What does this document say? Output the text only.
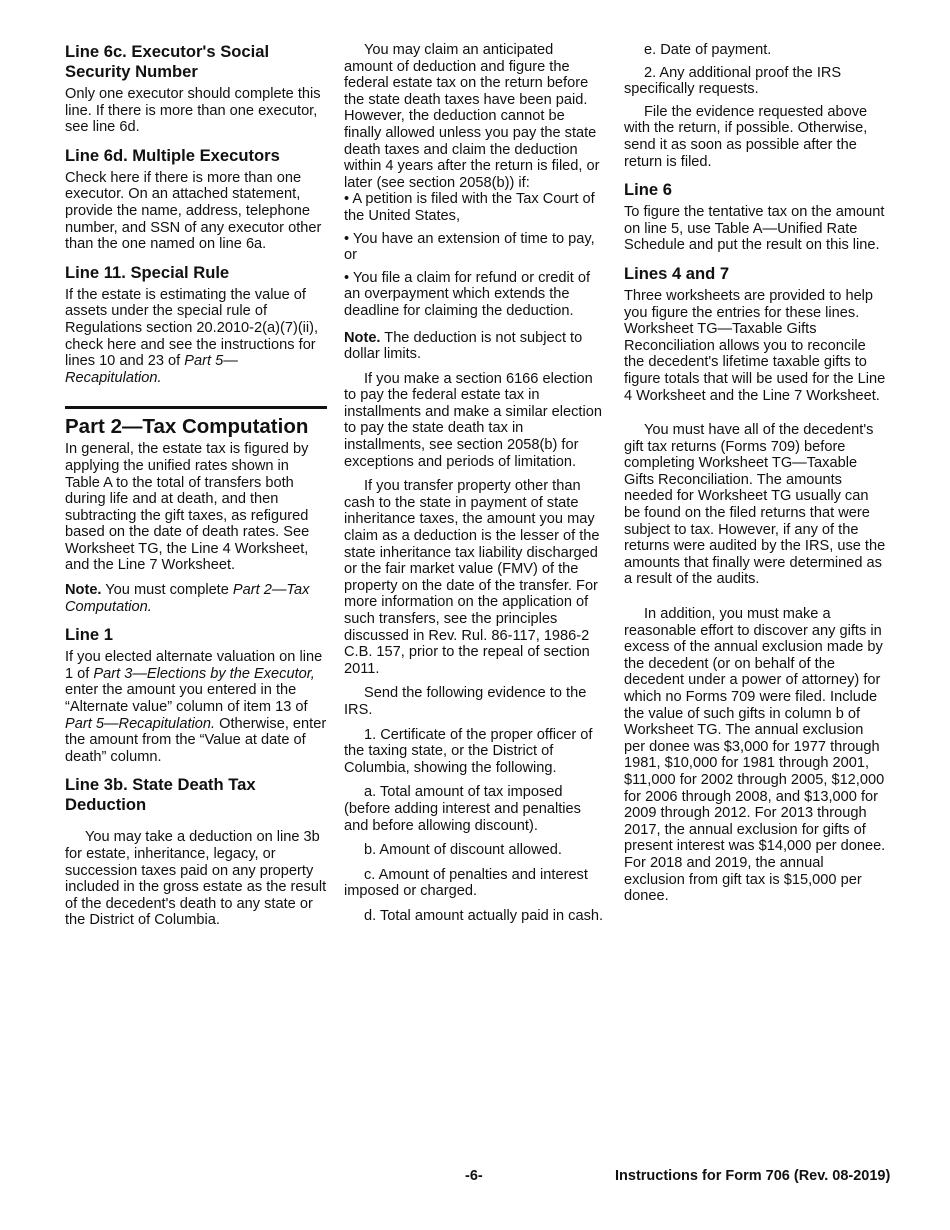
Line 6c. Executor's Social Security Number

Only one executor should complete this line. If there is more than one executor, see line 6d.

Line 6d. Multiple Executors

Check here if there is more than one executor. On an attached statement, provide the name, address, telephone number, and SSN of any executor other than the one named on line 6a.

Line 11. Special Rule

If the estate is estimating the value of assets under the special rule of Regulations section 20.2010-2(a)(7)(ii), check here and see the instructions for lines 10 and 23 of Part 5—Recapitulation.

Part 2—Tax Computation

In general, the estate tax is figured by applying the unified rates shown in Table A to the total of transfers both during life and at death, and then subtracting the gift taxes, as refigured based on the date of death rates. See Worksheet TG, the Line 4 Worksheet, and the Line 7 Worksheet.

Note. You must complete Part 2—Tax Computation.

Line 1

If you elected alternate valuation on line 1 of Part 3—Elections by the Executor, enter the amount you entered in the “Alternate value” column of item 13 of Part 5—Recapitulation. Otherwise, enter the amount from the “Value at date of death” column.

Line 3b. State Death Tax Deduction

You may take a deduction on line 3b for estate, inheritance, legacy, or succession taxes paid on any property included in the gross estate as the result of the decedent's death to any state or the District of Columbia.

You may claim an anticipated amount of deduction and figure the federal estate tax on the return before the state death taxes have been paid. However, the deduction cannot be finally allowed unless you pay the state death taxes and claim the deduction within 4 years after the return is filed, or later (see section 2058(b)) if:

• A petition is filed with the Tax Court of the United States,

• You have an extension of time to pay, or

• You file a claim for refund or credit of an overpayment which extends the deadline for claiming the deduction.

Note. The deduction is not subject to dollar limits.

If you make a section 6166 election to pay the federal estate tax in installments and make a similar election to pay the state death tax in installments, see section 2058(b) for exceptions and periods of limitation.

If you transfer property other than cash to the state in payment of state inheritance taxes, the amount you may claim as a deduction is the lesser of the state inheritance tax liability discharged or the fair market value (FMV) of the property on the date of the transfer. For more information on the application of such transfers, see the principles discussed in Rev. Rul. 86-117, 1986-2 C.B. 157, prior to the repeal of section 2011.

Send the following evidence to the IRS.

1. Certificate of the proper officer of the taxing state, or the District of Columbia, showing the following.

a. Total amount of tax imposed (before adding interest and penalties and before allowing discount).

b. Amount of discount allowed.

c. Amount of penalties and interest imposed or charged.

d. Total amount actually paid in cash.

e. Date of payment.

2. Any additional proof the IRS specifically requests.

File the evidence requested above with the return, if possible. Otherwise, send it as soon as possible after the return is filed.

Line 6

To figure the tentative tax on the amount on line 5, use Table A—Unified Rate Schedule and put the result on this line.

Lines 4 and 7

Three worksheets are provided to help you figure the entries for these lines. Worksheet TG—Taxable Gifts Reconciliation allows you to reconcile the decedent's lifetime taxable gifts to figure totals that will be used for the Line 4 Worksheet and the Line 7 Worksheet.

You must have all of the decedent's gift tax returns (Forms 709) before completing Worksheet TG—Taxable Gifts Reconciliation. The amounts needed for Worksheet TG usually can be found on the filed returns that were subject to tax. However, if any of the returns were audited by the IRS, use the amounts that finally were determined as a result of the audits.

In addition, you must make a reasonable effort to discover any gifts in excess of the annual exclusion made by the decedent (or on behalf of the decedent under a power of attorney) for which no Forms 709 were filed. Include the value of such gifts in column b of Worksheet TG. The annual exclusion per donee was $3,000 for 1977 through 1981, $10,000 for 1981 through 2001, $11,000 for 2002 through 2005, $12,000 for 2006 through 2008, and $13,000 for 2009 through 2012. For 2013 through 2017, the annual exclusion for gifts of present interest was $14,000 per donee. For 2018 and 2019, the annual exclusion from gift tax is $15,000 per donee.

-6-	Instructions for Form 706 (Rev. 08-2019)
